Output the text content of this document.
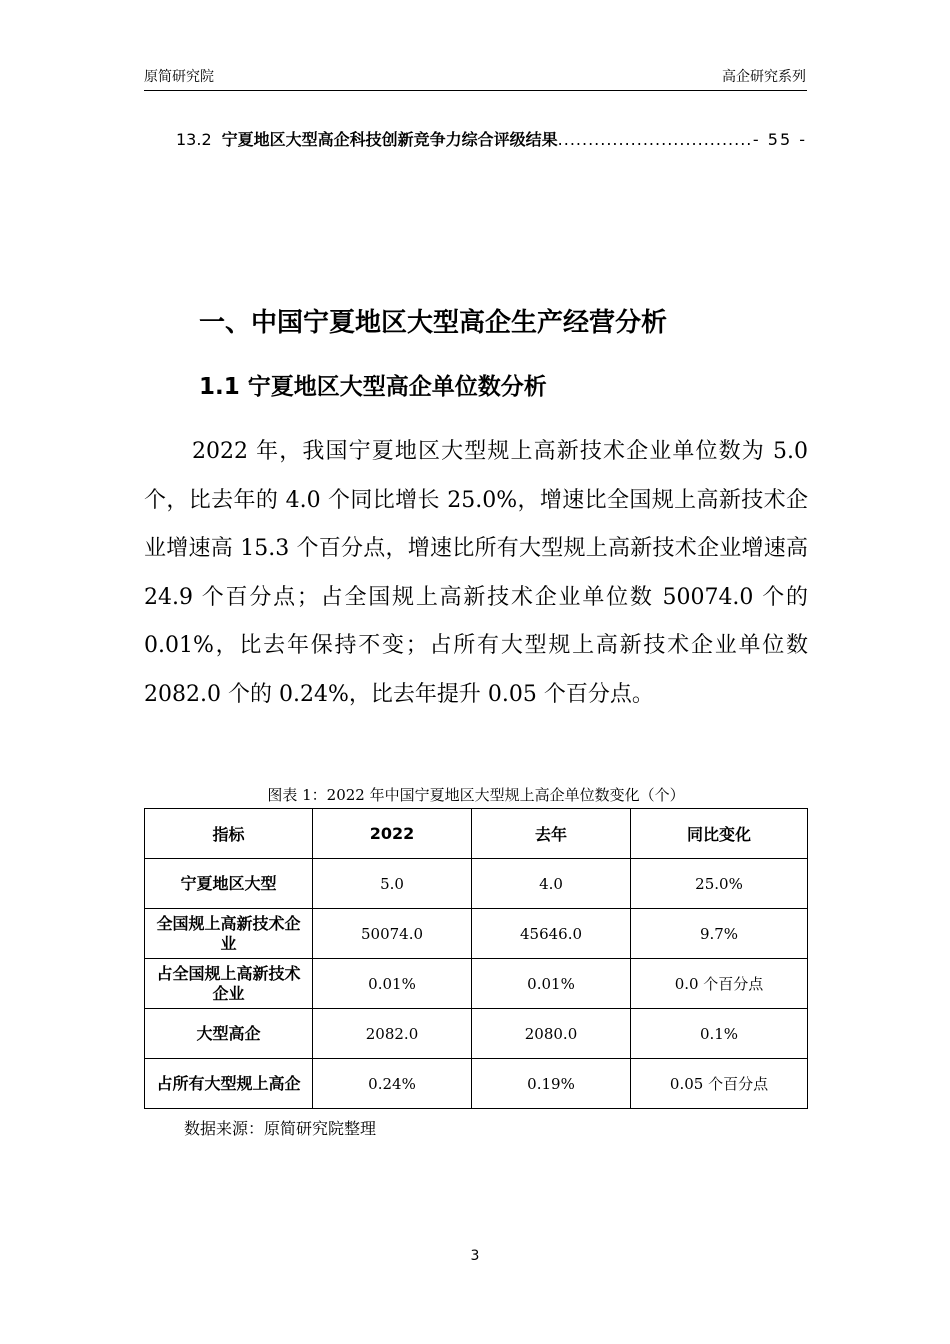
原简研究院	高企研究系列
13.2 宁夏地区大型高企科技创新竞争力综合评级结果 .....	- 55 -
一、中国宁夏地区大型高企生产经营分析
1.1 宁夏地区大型高企单位数分析

2022 年，我国宁夏地区大型规上高新技术企业单位数为 5.0 个，比去年的 4.0 个同比增长 25.0%，增速比全国规上高新技术企业增速高 15.3 个百分点，增速比所有大型规上高新技术企业增速高 24.9 个百分点；占全国规上高新技术企业单位数 50074.0 个的 0.01%，比去年保持不变；占所有大型规上高新技术企业单位数 2082.0 个的 0.24%，比去年提升 0.05 个百分点。

图表 1：2022 年中国宁夏地区大型规上高企单位数变化（个）
指标	2022	去年	同比变化
宁夏地区大型	5.0	4.0	25.0%
全国规上高新技术企业	50074.0	45646.0	9.7%
占全国规上高新技术企业	0.01%	0.01%	0.0 个百分点
大型高企	2082.0	2080.0	0.1%
占所有大型规上高企	0.24%	0.19%	0.05 个百分点
数据来源：原简研究院整理
3
